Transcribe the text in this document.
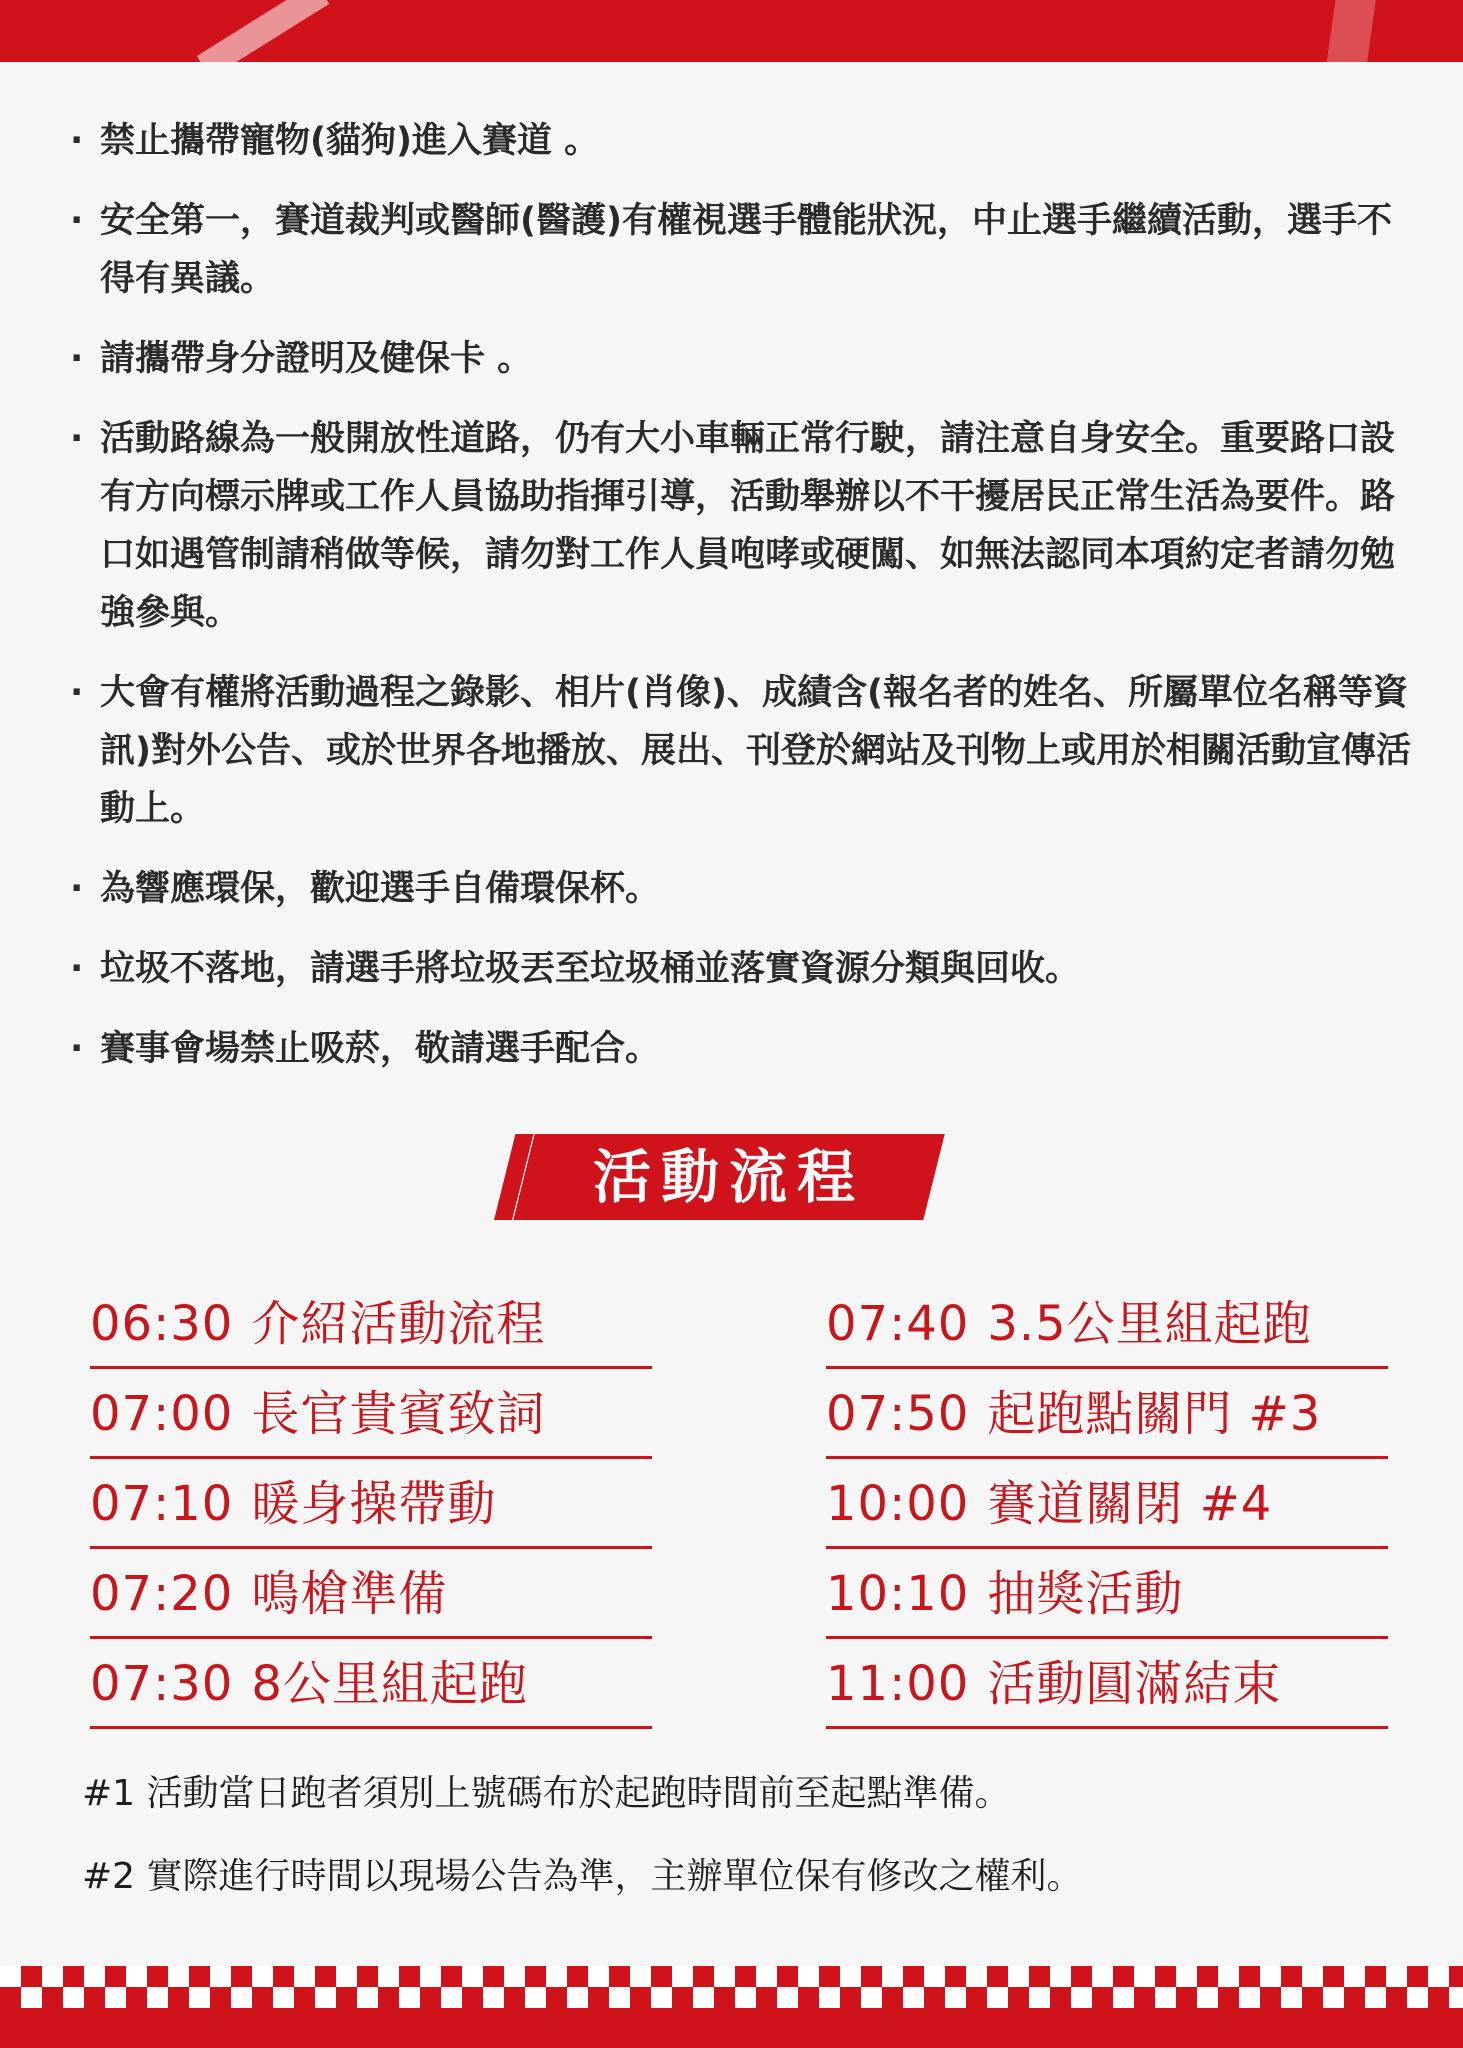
· 禁止攜帶寵物(貓狗)進入賽道 。
· 安全第一，賽道裁判或醫師(醫護)有權視選手體能狀況，中止選手繼續活動，選手不得有異議。
· 請攜帶身分證明及健保卡 。
· 活動路線為一般開放性道路，仍有大小車輛正常行駛，請注意自身安全。重要路口設有方向標示牌或工作人員協助指揮引導，活動舉辦以不干擾居民正常生活為要件。路口如遇管制請稍做等候，請勿對工作人員咆哮或硬闖、如無法認同本項約定者請勿勉強參與。
· 大會有權將活動過程之錄影、相片(肖像)、成績含(報名者的姓名、所屬單位名稱等資訊)對外公告、或於世界各地播放、展出、刊登於網站及刊物上或用於相關活動宣傳活動上。
· 為響應環保，歡迎選手自備環保杯。
· 垃圾不落地，請選手將垃圾丟至垃圾桶並落實資源分類與回收。
· 賽事會場禁止吸菸，敬請選手配合。
活動流程
06:30 介紹活動流程
07:00 長官貴賓致詞
07:10 暖身操帶動
07:20 鳴槍準備
07:30 8公里組起跑
07:40 3.5公里組起跑
07:50 起跑點關門 #3
10:00 賽道關閉 #4
10:10 抽獎活動
11:00 活動圓滿結束
#1 活動當日跑者須別上號碼布於起跑時間前至起點準備。
#2 實際進行時間以現場公告為準，主辦單位保有修改之權利。
